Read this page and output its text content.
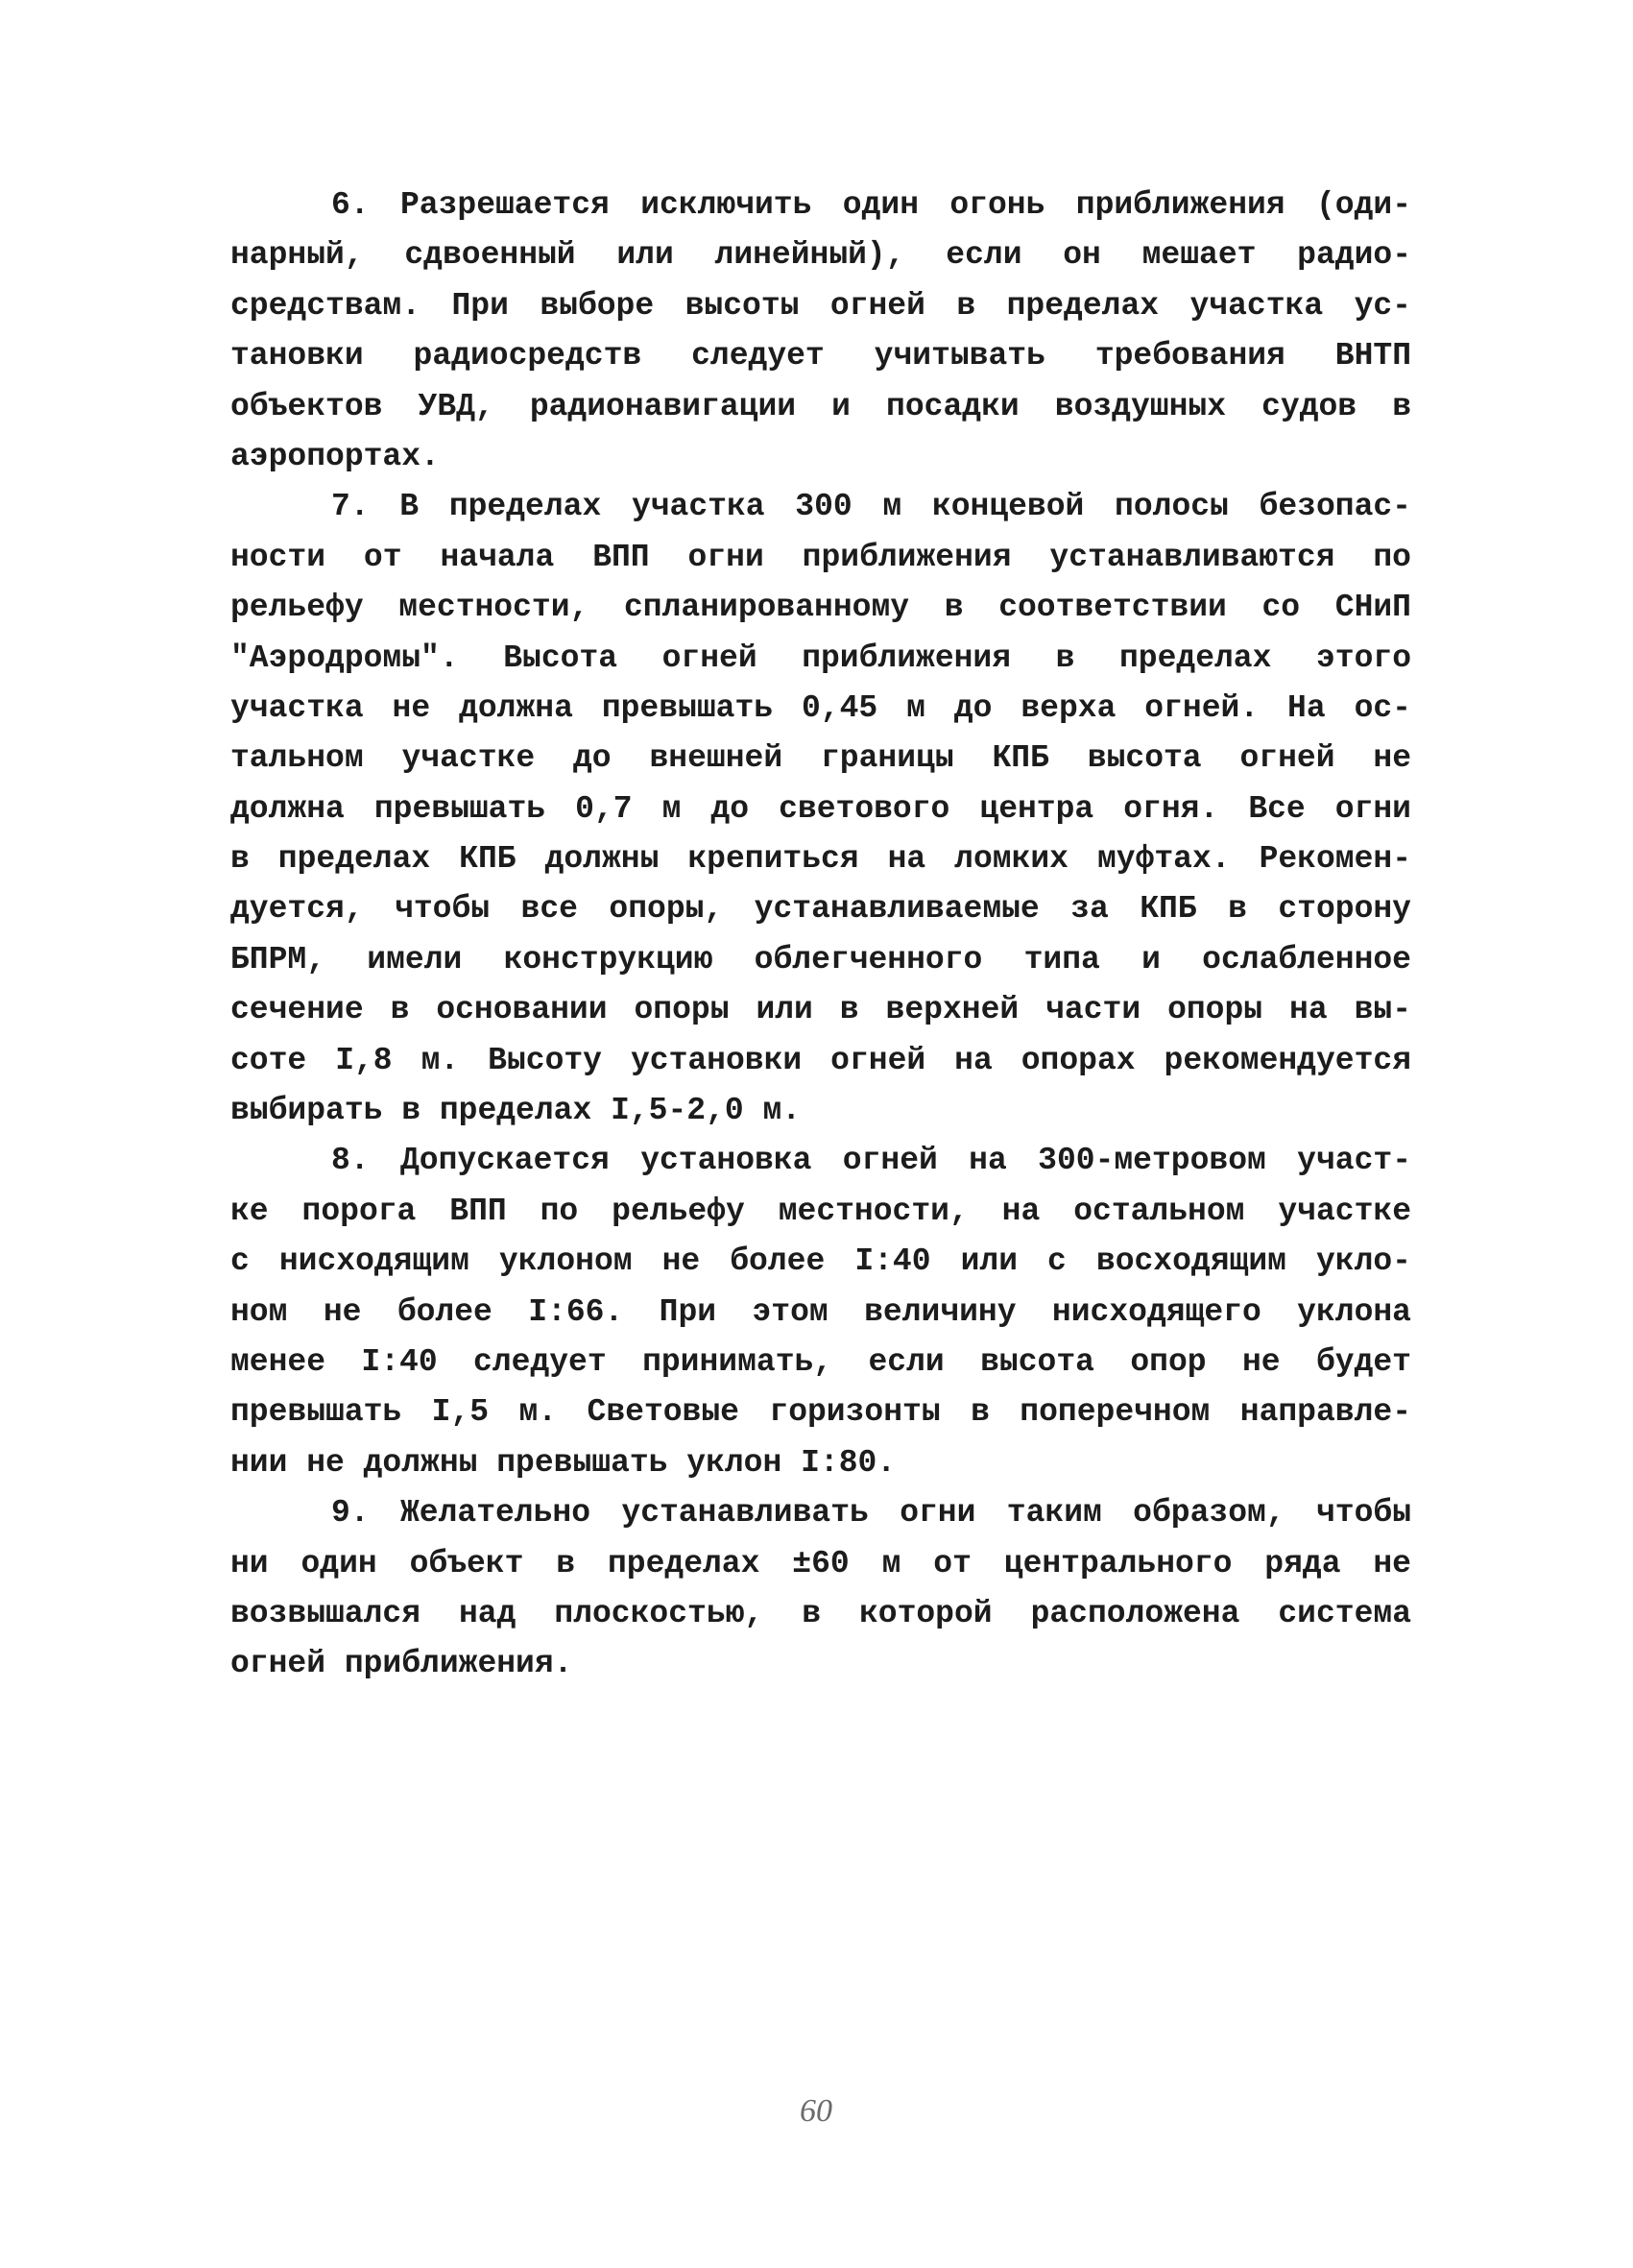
6. Разрешается исключить один огонь приближения (оди-
нарный, сдвоенный или линейный), если он мешает радио-
средствам. При выборе высоты огней в пределах участка ус-
тановки радиосредств следует учитывать требования ВНТП
объектов УВД, радионавигации и посадки воздушных судов в
аэропортах.
7. В пределах участка 300 м концевой полосы безопас-
ности от начала ВПП огни приближения устанавливаются по
рельефу местности, спланированному в соответствии со СНиП
"Аэродромы". Высота огней приближения в пределах этого
участка не должна превышать 0,45 м до верха огней. На ос-
тальном участке до внешней границы КПБ высота огней не
должна превышать 0,7 м до светового центра огня. Все огни
в пределах КПБ должны крепиться на ломких муфтах. Рекомен-
дуется, чтобы все опоры, устанавливаемые за КПБ в сторону
БПРМ, имели конструкцию облегченного типа и ослабленное
сечение в основании опоры или в верхней части опоры на вы-
соте I,8 м. Высоту установки огней на опорах рекомендуется
выбирать в пределах I,5-2,0 м.
8. Допускается установка огней на 300-метровом участ-
ке порога ВПП по рельефу местности, на остальном участке
с нисходящим уклоном не более I:40 или с восходящим укло-
ном не более I:66. При этом величину нисходящего уклона
менее I:40 следует принимать, если высота опор не будет
превышать I,5 м. Световые горизонты в поперечном направле-
нии не должны превышать уклон I:80.
9. Желательно устанавливать огни таким образом, чтобы
ни один объект в пределах ±60 м от центрального ряда не
возвышался над плоскостью, в которой расположена система
огней приближения.
60
